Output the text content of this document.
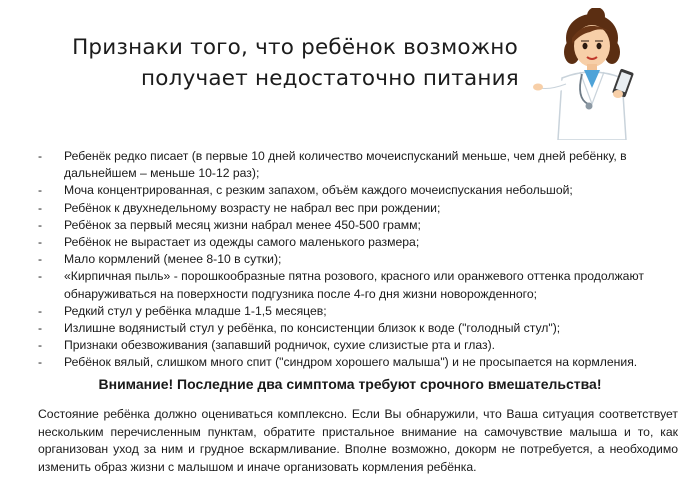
Признаки того, что ребёнок возможно
получает недостаточно питания
- Ребенёк редко писает (в первые 10 дней количество мочеиспусканий меньше, чем дней ребёнку, в дальнейшем – меньше 10-12 раз);
- Моча концентрированная, с резким запахом, объём каждого мочеиспускания небольшой;
- Ребёнок к двухнедельному возрасту не набрал вес при рождении;
- Ребёнок за первый месяц жизни набрал менее 450-500 грамм;
- Ребёнок не вырастает из одежды самого маленького размера;
- Мало кормлений (менее 8-10 в сутки);
- «Кирпичная пыль» - порошкообразные пятна розового, красного или оранжевого оттенка продолжают обнаруживаться на поверхности подгузника после 4-го дня жизни новорожденного;
- Редкий стул у ребёнка младше 1-1,5 месяцев;
- Излишне водянистый стул у ребёнка, по консистенции близок к воде ("голодный стул");
- Признаки обезвоживания (запавший родничок, сухие слизистые рта и глаз).
- Ребёнок вялый, слишком много спит ("синдром хорошего малыша") и не просыпается на кормления.
Внимание! Последние два симптома требуют срочного вмешательства!

Состояние ребёнка должно оцениваться комплексно. Если Вы обнаружили, что Ваша ситуация соответствует нескольким перечисленным пунктам, обратите пристальное внимание на самочувствие малыша и то, как организован уход за ним и грудное вскармливание. Вполне возможно, докорм не потребуется, а необходимо изменить образ жизни с малышом и иначе организовать кормления ребёнка.
